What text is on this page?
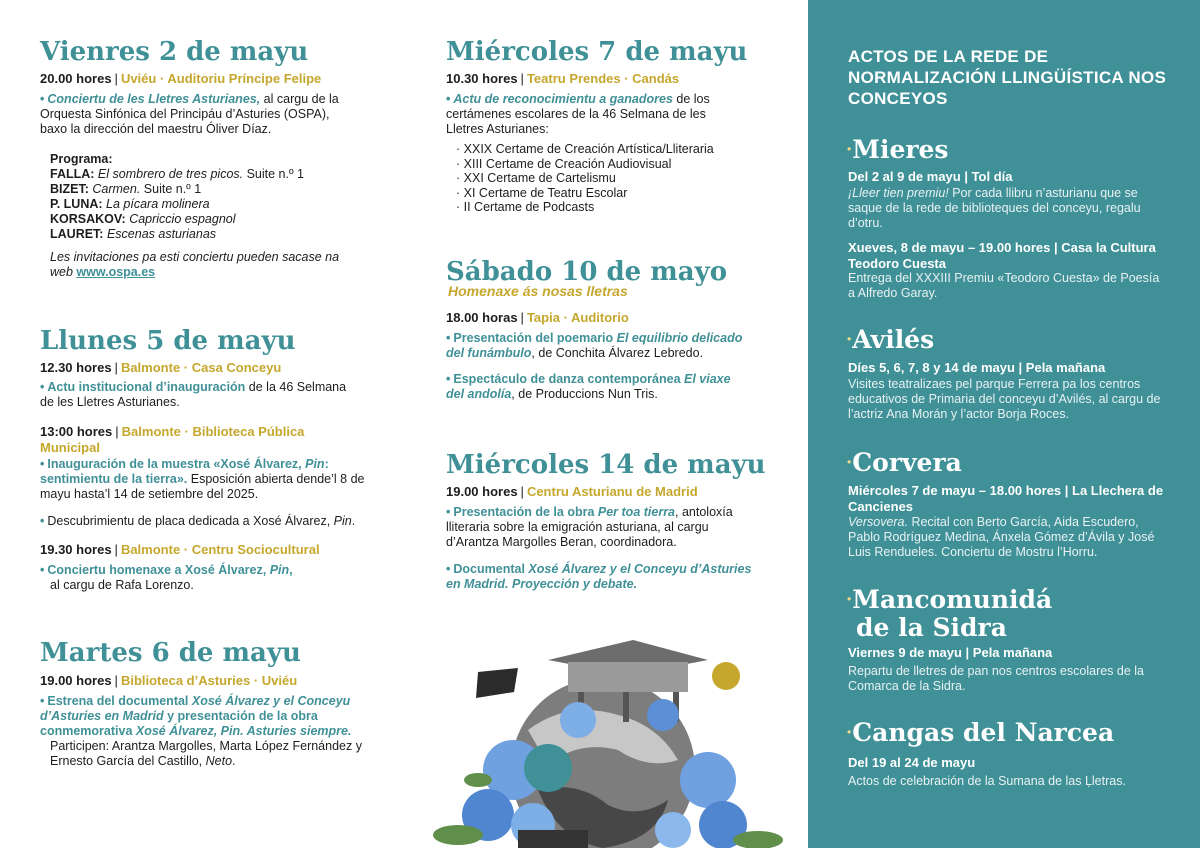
Vienres 2 de mayu
20.00 hores | Uviéu · Auditoriu Príncipe Felipe
• Conciertu de les Lletres Asturianes, al cargu de la Orquesta Sinfónica del Principáu d’Asturies (OSPA), baxo la dirección del maestru Óliver Díaz.
Programa:
FALLA: El sombrero de tres picos. Suite n.º 1
BIZET: Carmen. Suite n.º 1
P. LUNA: La pícara molinera
KORSAKOV: Capriccio espagnol
LAURET: Escenas asturianas
Les invitaciones pa esti conciertu pueden sacase na web www.ospa.es
Llunes 5 de mayu
12.30 hores | Balmonte · Casa Conceyu
• Actu institucional d’inauguración de la 46 Selmana de les Lletres Asturianes.
13:00 hores | Balmonte · Biblioteca Pública Municipal
• Inauguración de la muestra «Xosé Álvarez, Pin: sentimientu de la tierra». Esposición abierta dende’l 8 de mayu hasta’l 14 de setiembre del 2025.
• Descubrimientu de placa dedicada a Xosé Álvarez, Pin.
19.30 hores | Balmonte · Centru Sociocultural
• Conciertu homenaxe a Xosé Álvarez, Pin,
al cargu de Rafa Lorenzo.
Martes 6 de mayu
19.00 hores | Biblioteca d’Asturies · Uviéu
• Estrena del documental Xosé Álvarez y el Conceyu d’Asturies en Madrid y presentación de la obra conmemorativa Xosé Álvarez, Pin. Asturies siempre.
Participen: Arantza Margolles, Marta López Fernández y Ernesto García del Castillo, Neto.
Miércoles 7 de mayu
10.30 hores | Teatru Prendes · Candás
• Actu de reconocimientu a ganadores de los certámenes escolares de la 46 Selmana de les Lletres Asturianes:
· XXIX Certame de Creación Artística/Lliteraria
· XIII Certame de Creación Audiovisual
· XXI Certame de Cartelismu
· XI Certame de Teatru Escolar
· II Certame de Podcasts
Sábado 10 de mayo
Homenaxe ás nosas lletras
18.00 horas | Tapia · Auditorio
• Presentación del poemario El equilibrio delicado del funámbulo, de Conchita Álvarez Lebredo.
• Espectáculo de danza contemporánea El viaxe del andolía, de Produccions Nun Tris.
Miércoles 14 de mayu
19.00 hores | Centru Asturianu de Madrid
• Presentación de la obra Per toa tierra, antoloxía lliteraria sobre la emigración asturiana, al cargu d’Arantza Margolles Beran, coordinadora.
• Documental Xosé Álvarez y el Conceyu d’Asturies en Madrid. Proyección y debate.
ACTOS DE LA REDE DE NORMALIZACIÓN LLINGÜÍSTICA NOS CONCEYOS
·Mieres
Del 2 al 9 de mayu | Tol día
¡Lleer tien premiu! Por cada llibru n’asturianu que se saque de la rede de biblioteques del conceyu, regalu d’otru.
Xueves, 8 de mayu – 19.00 hores | Casa la Cultura Teodoro Cuesta
Entrega del XXXIII Premiu «Teodoro Cuesta» de Poesía a Alfredo Garay.
·Avilés
Díes 5, 6, 7, 8 y 14 de mayu | Pela mañana
Visites teatralizaes pel parque Ferrera pa los centros educativos de Primaria del conceyu d’Avilés, al cargu de l’actriz Ana Morán y l’actor Borja Roces.
·Corvera
Miércoles 7 de mayu – 18.00 hores | La Llechera de Cancienes
Versovera. Recital con Berto García, Aida Escudero, Pablo Rodríguez Medina, Ánxela Gómez d’Ávila y José Luis Rendueles. Conciertu de Mostru l’Horru.
·Mancomunidá
de la Sidra
Viernes 9 de mayu | Pela mañana
Repartu de lletres de pan nos centros escolares de la Comarca de la Sidra.
·Cangas del Narcea
Del 19 al 24 de mayu
Actos de celebración de la Sumana de las Ḷletras.
